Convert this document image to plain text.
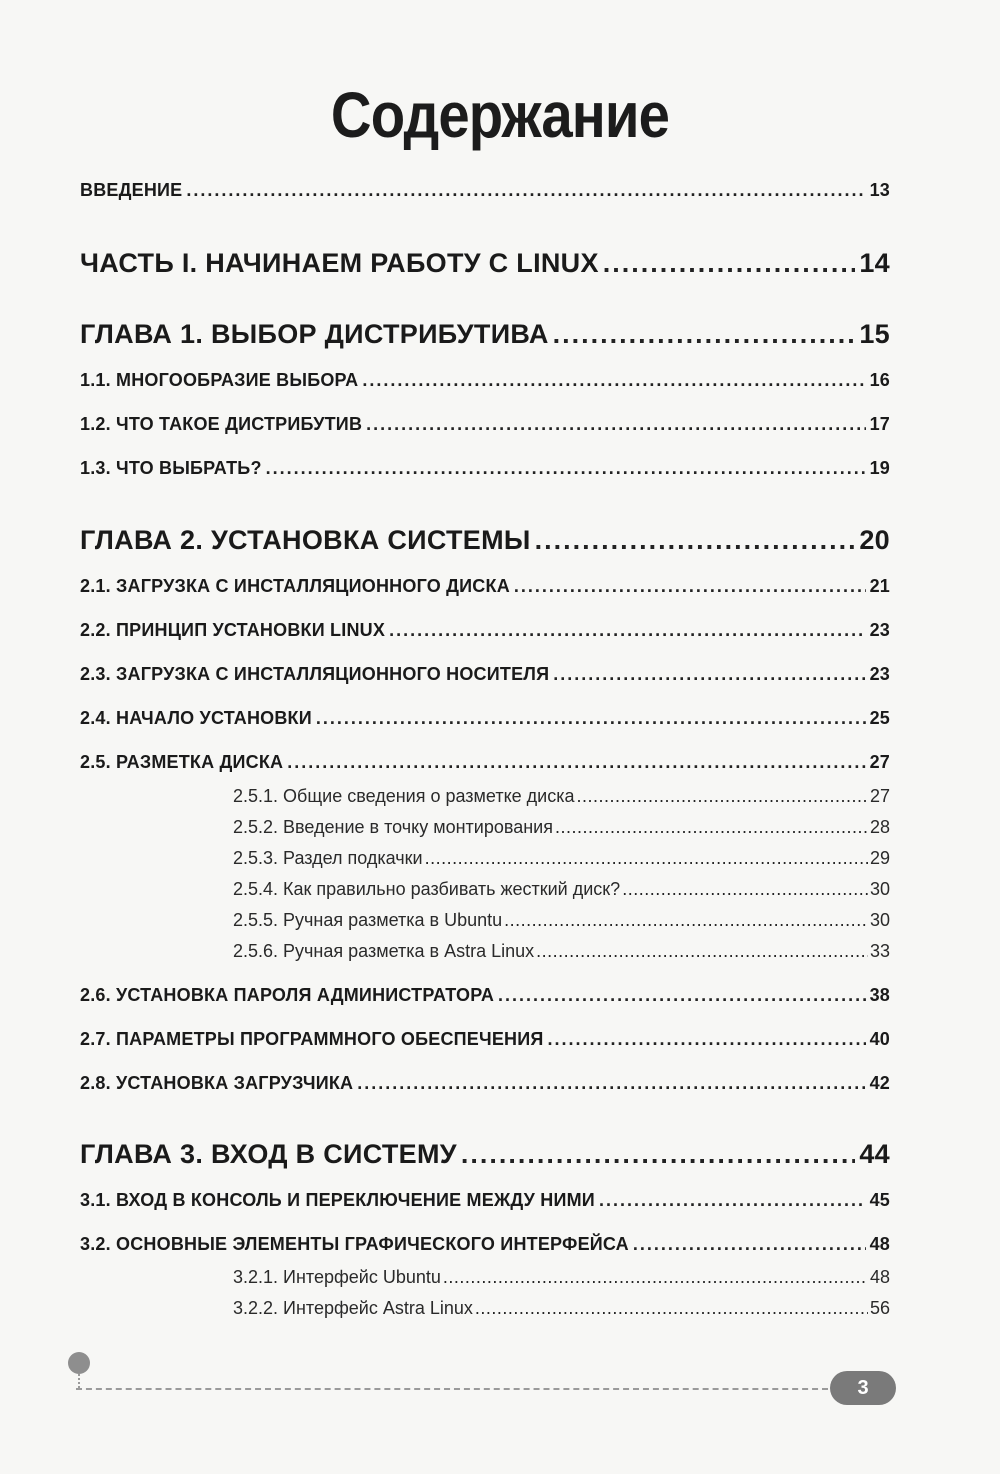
Содержание
ВВЕДЕНИЕ .....	13
ЧАСТЬ I. НАЧИНАЕМ РАБОТУ С LINUX .....	14
ГЛАВА 1. ВЫБОР ДИСТРИБУТИВА .....	15
1.1. МНОГООБРАЗИЕ ВЫБОРА .....	16
1.2. ЧТО ТАКОЕ ДИСТРИБУТИВ .....	17
1.3. ЧТО ВЫБРАТЬ? .....	19
ГЛАВА 2. УСТАНОВКА СИСТЕМЫ .....	20
2.1. ЗАГРУЗКА С ИНСТАЛЛЯЦИОННОГО ДИСКА .....	21
2.2. ПРИНЦИП УСТАНОВКИ LINUX .....	23
2.3. ЗАГРУЗКА С ИНСТАЛЛЯЦИОННОГО НОСИТЕЛЯ .....	23
2.4. НАЧАЛО УСТАНОВКИ .....	25
2.5. РАЗМЕТКА ДИСКА .....	27
2.5.1. Общие сведения о разметке диска .....	27
2.5.2. Введение в точку монтирования .....	28
2.5.3. Раздел подкачки .....	29
2.5.4. Как правильно разбивать жесткий диск? .....	30
2.5.5. Ручная разметка в Ubuntu .....	30
2.5.6. Ручная разметка в Astra Linux .....	33
2.6. УСТАНОВКА ПАРОЛЯ АДМИНИСТРАТОРА .....	38
2.7. ПАРАМЕТРЫ ПРОГРАММНОГО ОБЕСПЕЧЕНИЯ .....	40
2.8. УСТАНОВКА ЗАГРУЗЧИКА .....	42
ГЛАВА 3. ВХОД В СИСТЕМУ .....	44
3.1. ВХОД В КОНСОЛЬ И ПЕРЕКЛЮЧЕНИЕ МЕЖДУ НИМИ .....	45
3.2. ОСНОВНЫЕ ЭЛЕМЕНТЫ ГРАФИЧЕСКОГО ИНТЕРФЕЙСА .....	48
3.2.1. Интерфейс Ubuntu .....	48
3.2.2. Интерфейс Astra Linux .....	56
3
